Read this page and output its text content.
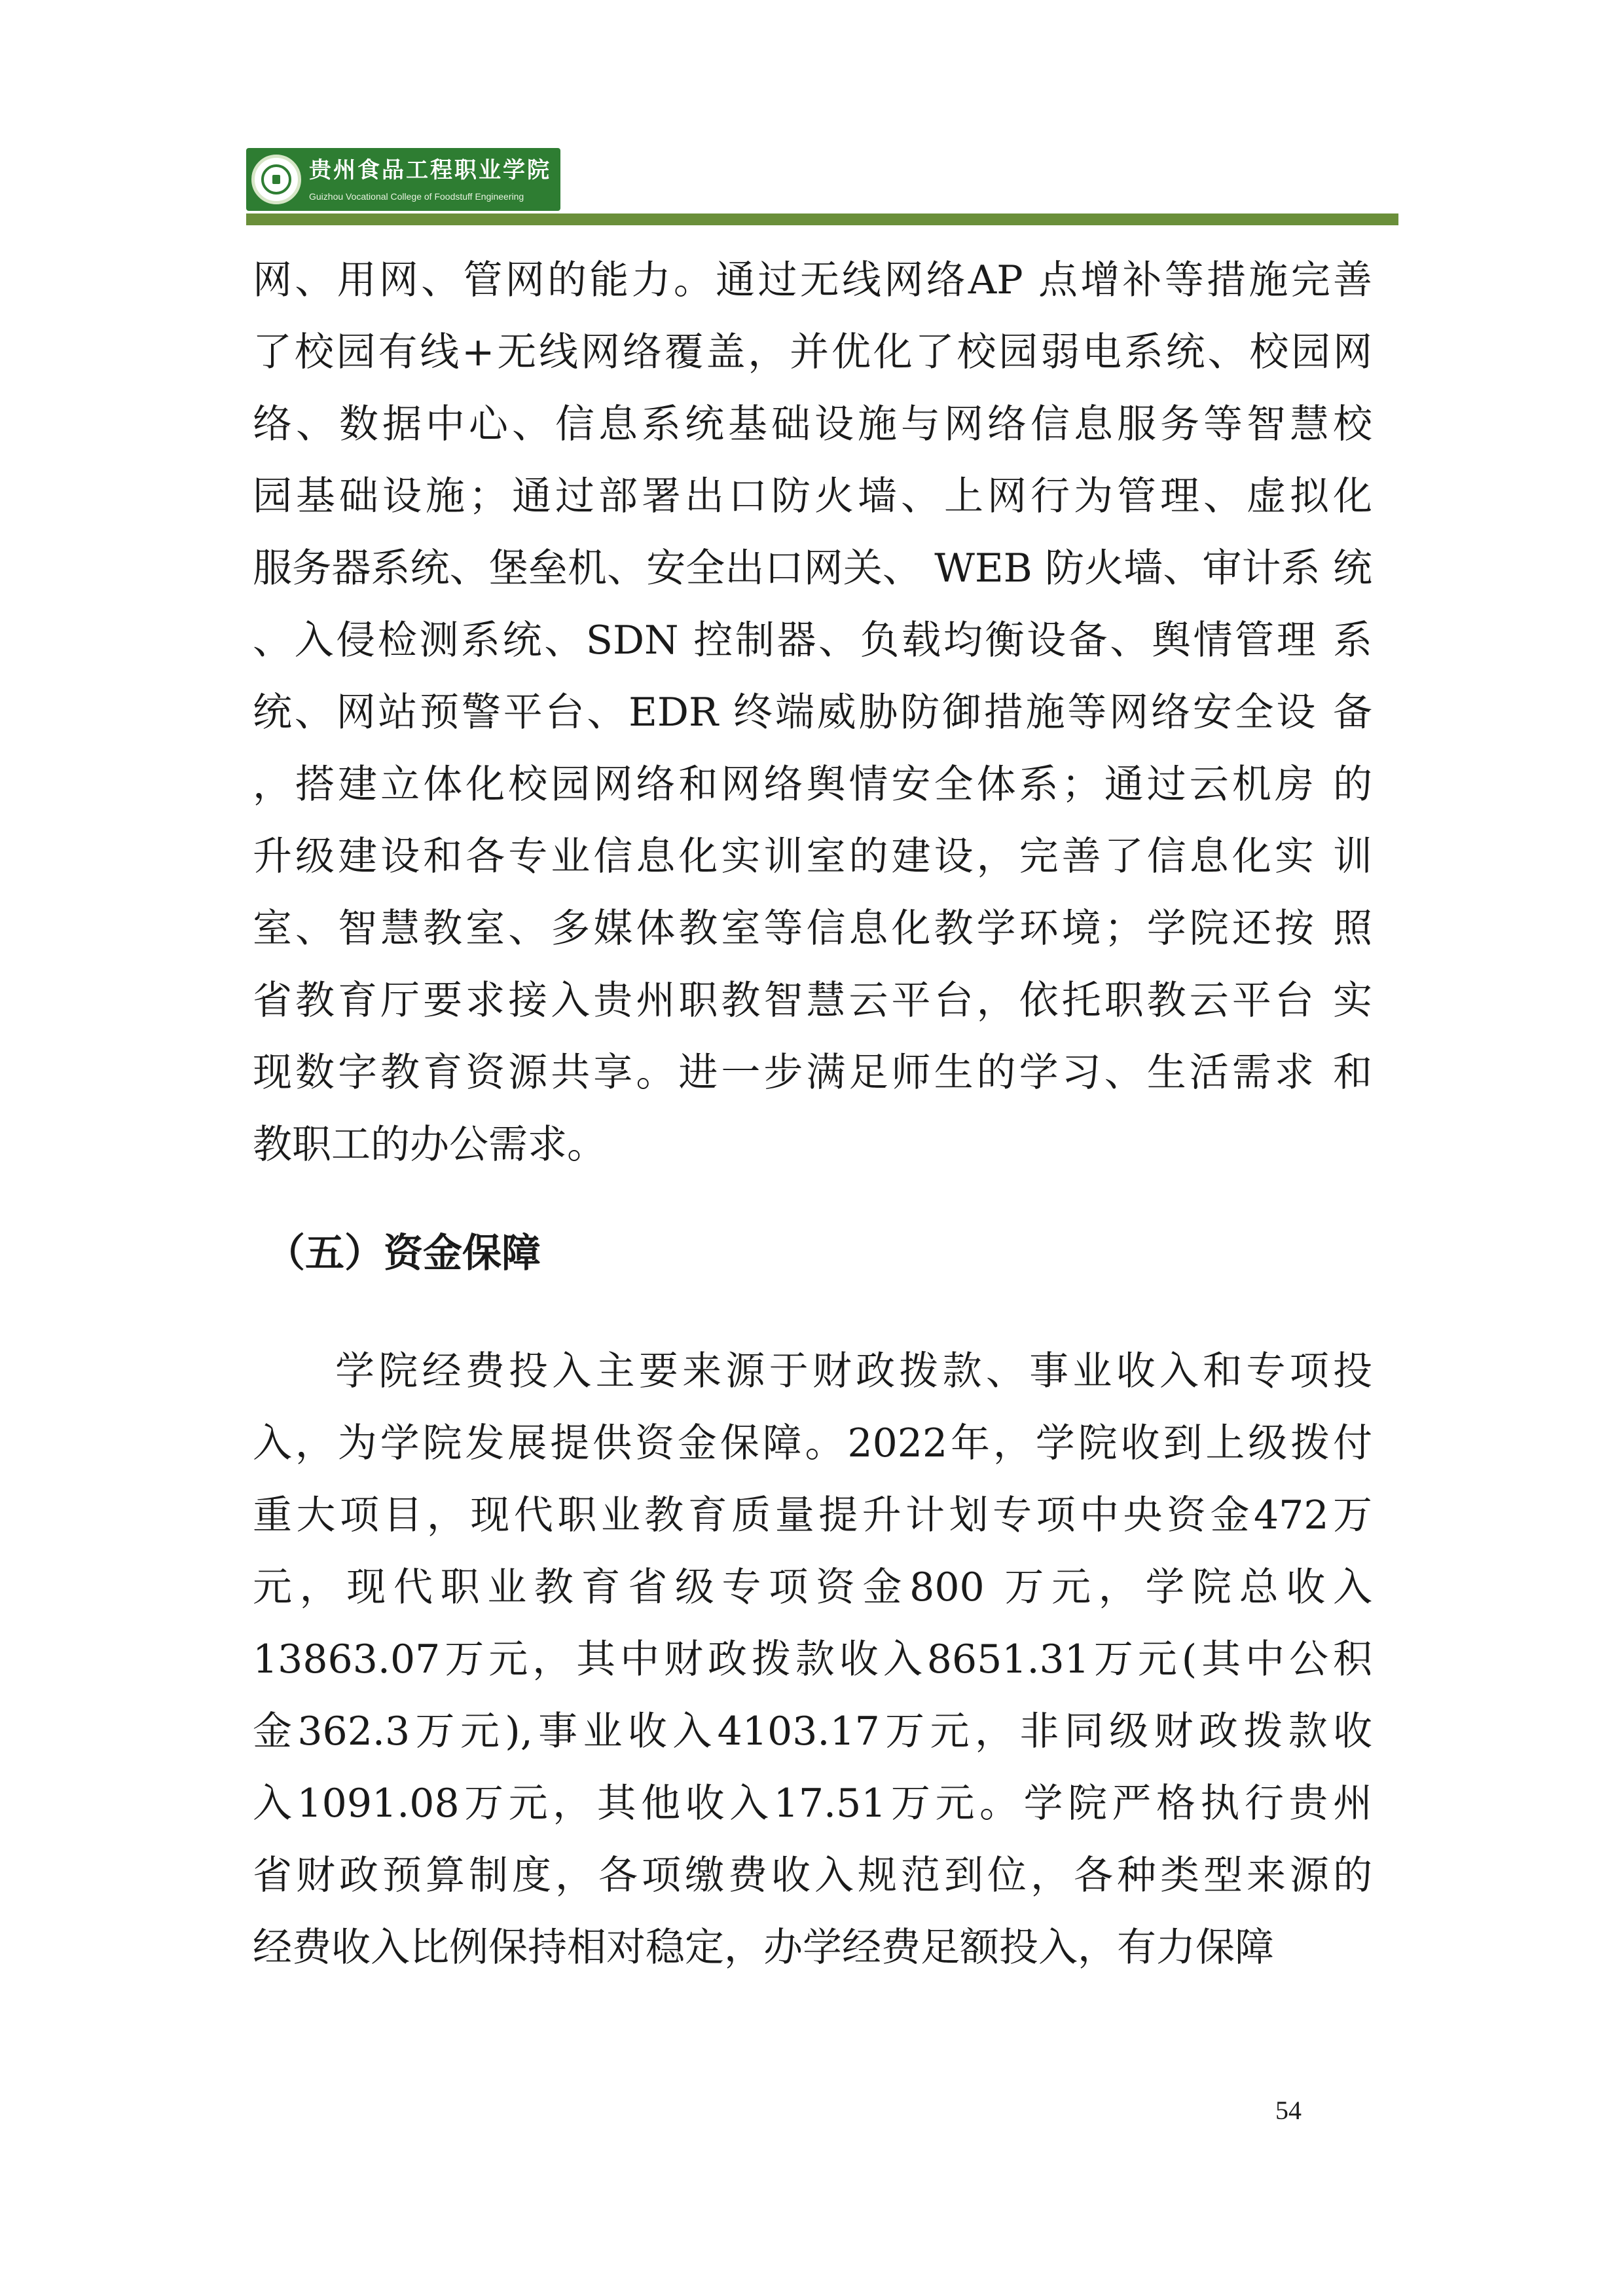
贵州食品工程职业学院
Guizhou Vocational College of Foodstuff Engineering
网、用网、管网的能力。通过无线网络AP 点增补等措施完善
了校园有线+无线网络覆盖，并优化了校园弱电系统、校园网
络、数据中心、信息系统基础设施与网络信息服务等智慧校
园基础设施；通过部署出口防火墙、上网行为管理、虚拟化
服务器系统、堡垒机、安全出口网关、 WEB 防火墙、审计系 统
、入侵检测系统、SDN 控制器、负载均衡设备、舆情管理 系
统、网站预警平台、EDR 终端威胁防御措施等网络安全设 备
，搭建立体化校园网络和网络舆情安全体系；通过云机房 的
升级建设和各专业信息化实训室的建设，完善了信息化实 训
室、智慧教室、多媒体教室等信息化教学环境；学院还按 照
省教育厅要求接入贵州职教智慧云平台，依托职教云平台 实
现数字教育资源共享。进一步满足师生的学习、生活需求 和
教职工的办公需求。
（五）资金保障
学院经费投入主要来源于财政拨款、事业收入和专项投
入，为学院发展提供资金保障。2022年，学院收到上级拨付
重大项目，现代职业教育质量提升计划专项中央资金472万
元，现代职业教育省级专项资金800 万元，学院总收入
13863.07万元，其中财政拨款收入8651.31万元(其中公积
金362.3万元),事业收入4103.17万元，非同级财政拨款收
入1091.08万元，其他收入17.51万元。学院严格执行贵州
省财政预算制度，各项缴费收入规范到位，各种类型来源的
经费收入比例保持相对稳定，办学经费足额投入，有力保障
54
